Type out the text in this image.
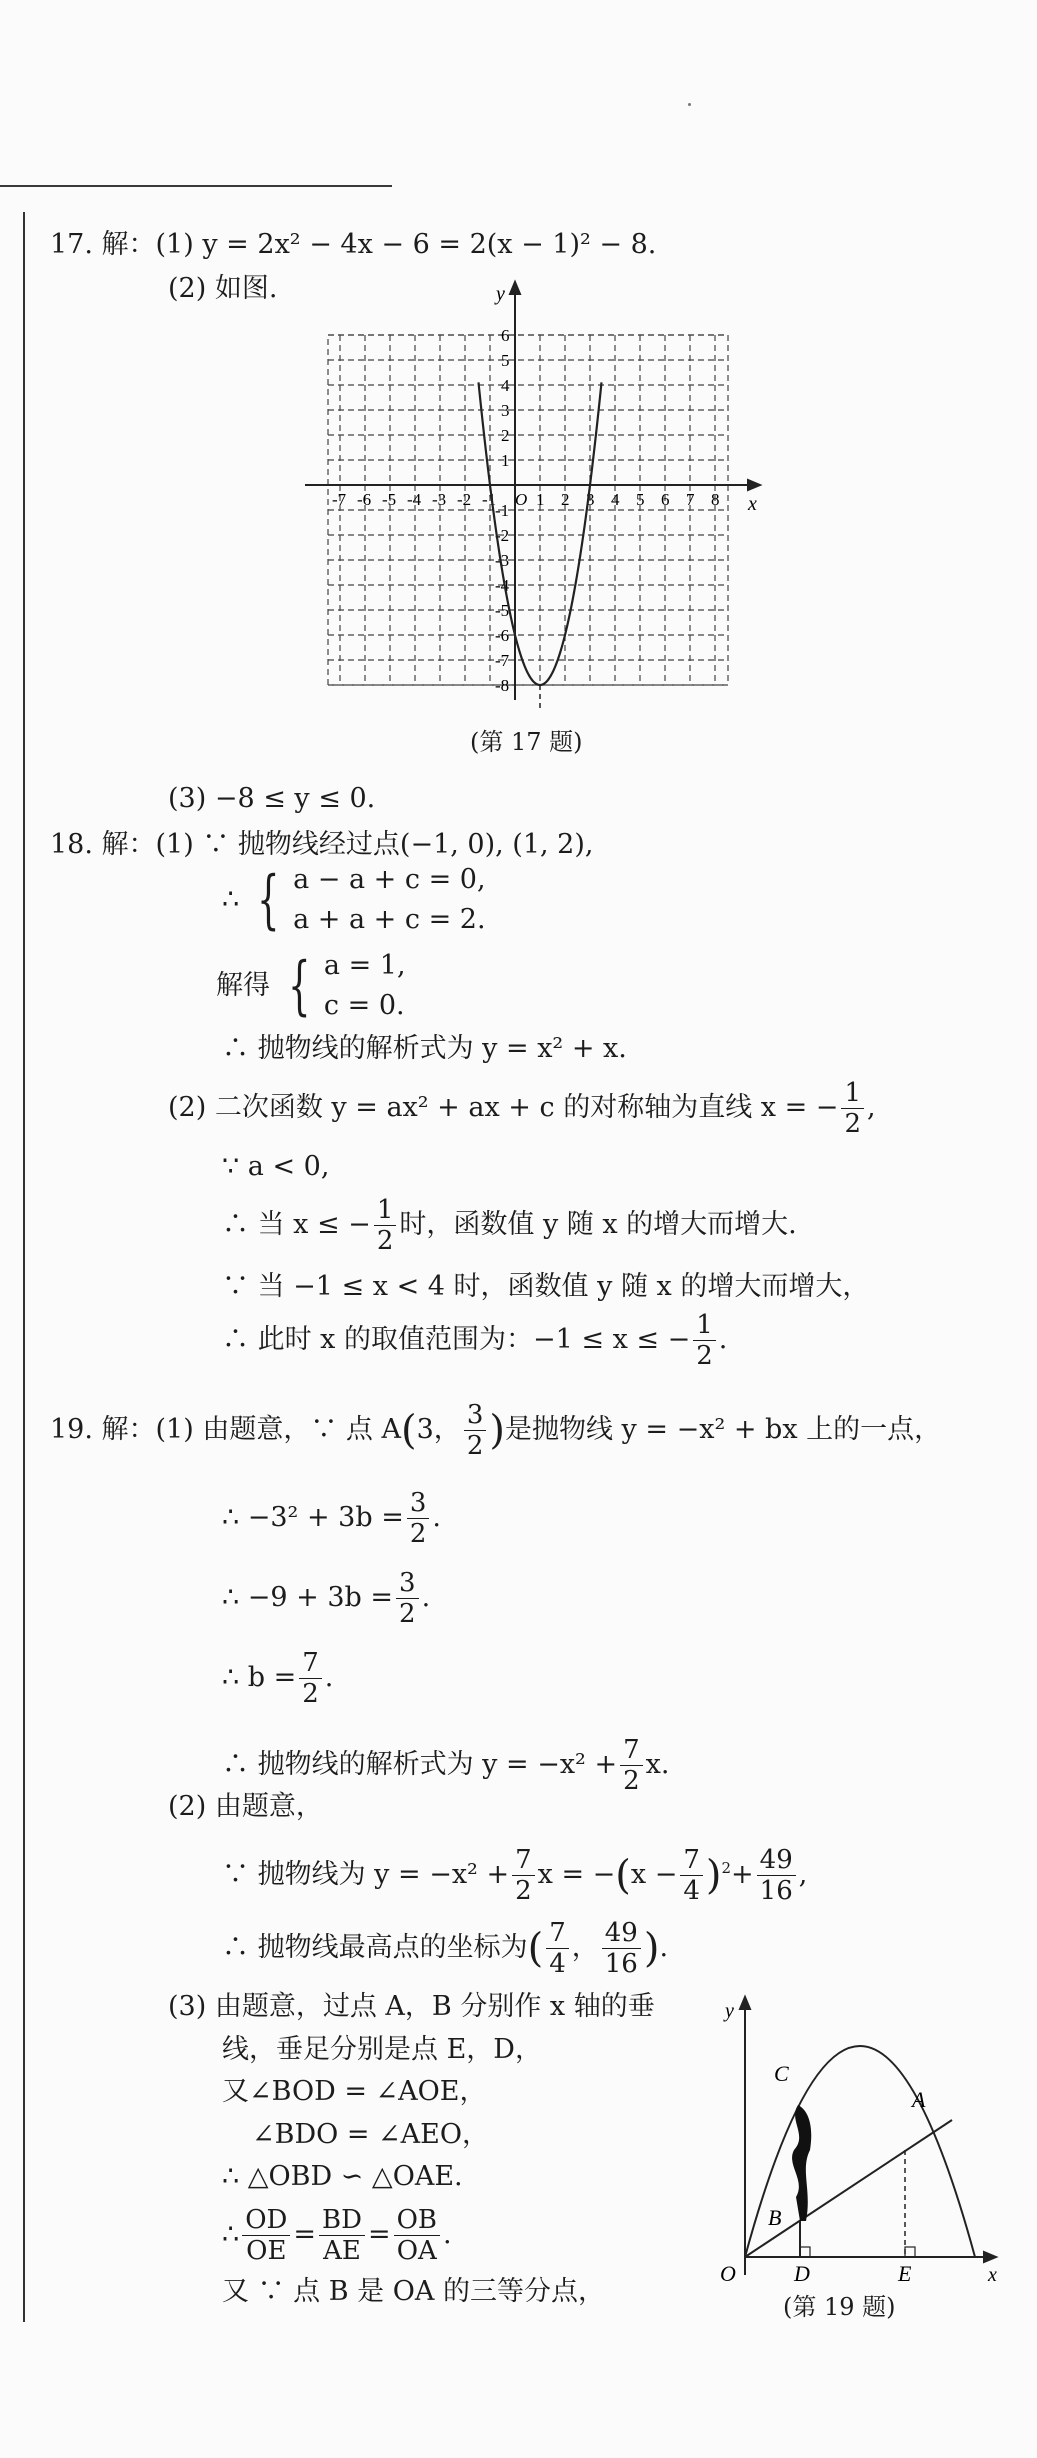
17. 解：(1) y = 2x² − 4x − 6 = 2(x − 1)² − 8.
(2) 如图.	y
x
-7 -6 -5 -4 -3 -2 -1 O 1 2 3 4 5 6 7 8
6
5
4
3
2
1
-1
-2
-3
-4
-5
-6
-7
-8
(第 17 题)
(3) −8 ≤ y ≤ 0.
18. 解：(1) ∵ 抛物线经过点(−1, 0), (1, 2),
∴ { a − a + c = 0,
a + a + c = 2.
解得 { a = 1,
c = 0.
∴ 抛物线的解析式为 y = x² + x.
(2) 二次函数 y = ax² + ax + c 的对称轴为直线 x = − $\frac{1}{2}$ ,
∵ a < 0,
∴ 当 x ≤ − $\frac{1}{2}$ 时，函数值 y 随 x 的增大而增大.
∵ 当 −1 ≤ x < 4 时，函数值 y 随 x 的增大而增大，
∴ 此时 x 的取值范围为：−1 ≤ x ≤ − $\frac{1}{2}$ .
19. 解：(1) 由题意，∵ 点 A(3， $\frac{3}{2}$ )是抛物线 y = −x² + bx 上的一点，
∴ $-3^2 + 3b = \frac{3}{2}$ .
∴ $-9 + 3b = \frac{3}{2}$ .
∴ $b = \frac{7}{2}$ .
∴ 抛物线的解析式为 $y = -x^2 + \frac{7}{2} x$.
(2) 由题意，
∵ 抛物线为 $y = -x^2 + \frac{7}{2}$ $x = -(x - \frac{7}{4} )^2+ \frac{49}{16}$ ,
∴ 抛物线最高点的坐标为( $\frac{7}{4}$ ， $\frac{49}{16}$ ).
(3) 由题意，过点 A，B 分别作 x 轴的垂
线，垂足分别是点 E，D，
又∠BOD = ∠AOE，
∠BDO = ∠AEO，
∴ △OBD ∽ △OAE.
∴ $\frac{OD}{OE} = \frac{BD}{AE} = \frac{OB}{OA}$ .
又 ∵ 点 B 是 OA 的三等分点，
O	D	E	x
y
A
B
C
(第 19 题)
